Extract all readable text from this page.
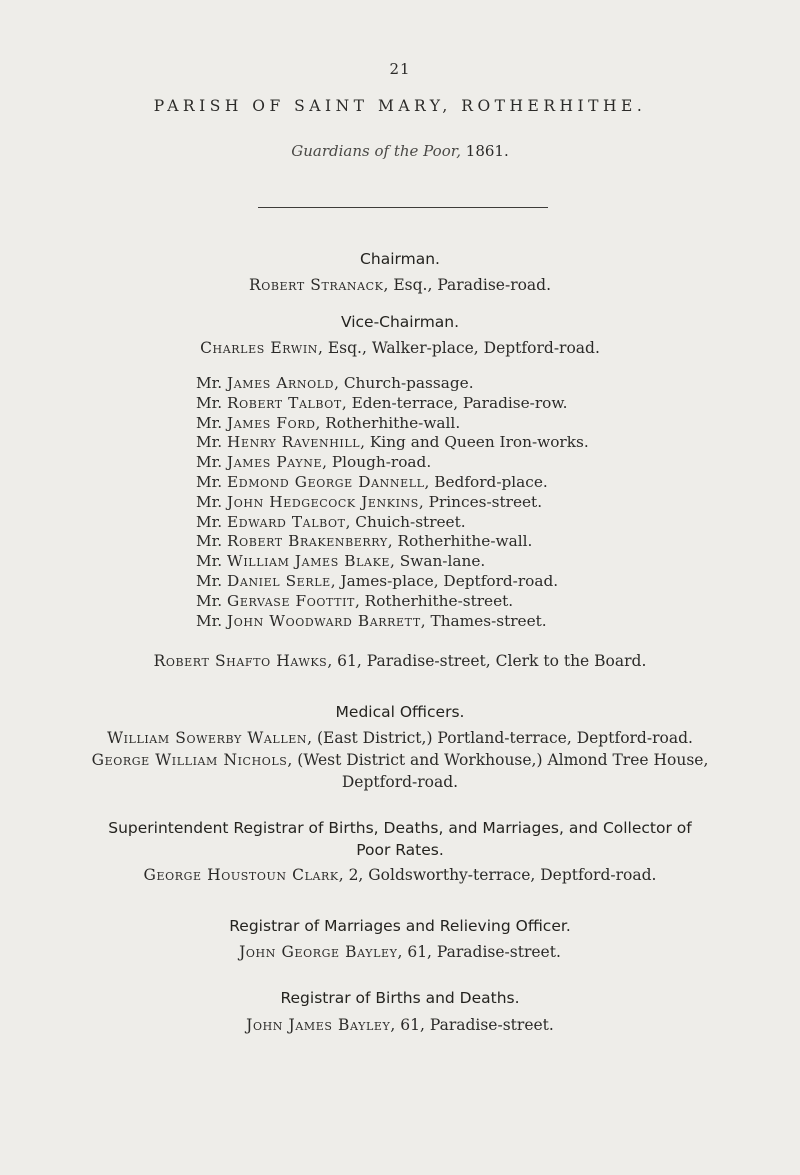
21
PARISH OF SAINT MARY, ROTHERHITHE.
Guardians of the Poor, 1861.
Chairman.
Robert Stranack, Esq., Paradise-road.
Vice-Chairman.
Charles Erwin, Esq., Walker-place, Deptford-road.
Mr. James Arnold, Church-passage.
Mr. Robert Talbot, Eden-terrace, Paradise-row.
Mr. James Ford, Rotherhithe-wall.
Mr. Henry Ravenhill, King and Queen Iron-works.
Mr. James Payne, Plough-road.
Mr. Edmond George Dannell, Bedford-place.
Mr. John Hedgecock Jenkins, Princes-street.
Mr. Edward Talbot, Chuich-street.
Mr. Robert Brakenberry, Rotherhithe-wall.
Mr. William James Blake, Swan-lane.
Mr. Daniel Serle, James-place, Deptford-road.
Mr. Gervase Foottit, Rotherhithe-street.
Mr. John Woodward Barrett, Thames-street.
Robert Shafto Hawks, 61, Paradise-street, Clerk to the Board.
Medical Officers.
William Sowerby Wallen, (East District,) Portland-terrace, Deptford-road.
George William Nichols, (West District and Workhouse,) Almond Tree House,
Deptford-road.
Superintendent Registrar of Births, Deaths, and Marriages, and Collector of
Poor Rates.
George Houstoun Clark, 2, Goldsworthy-terrace, Deptford-road.
Registrar of Marriages and Relieving Officer.
John George Bayley, 61, Paradise-street.
Registrar of Births and Deaths.
John James Bayley, 61, Paradise-street.
